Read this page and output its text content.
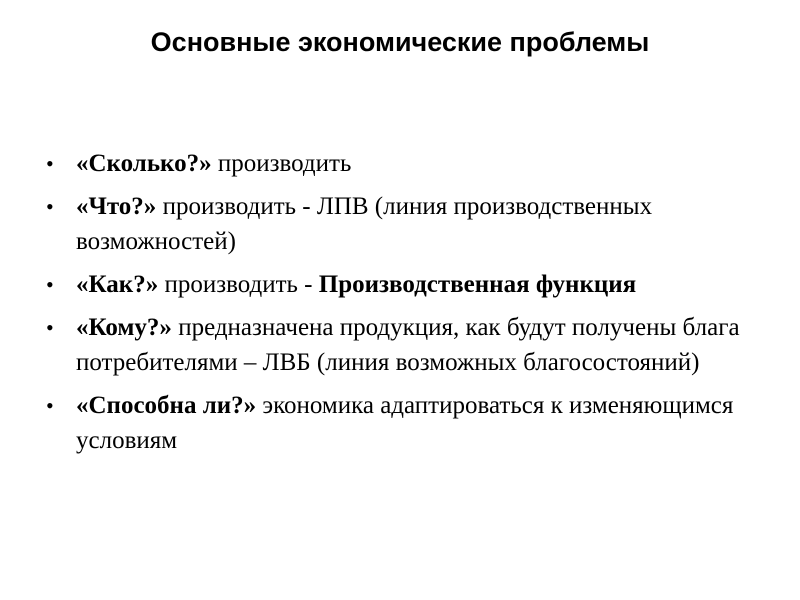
Основные экономические проблемы
• «Сколько?» производить
• «Что?» производить - ЛПВ (линия производственных возможностей)
• «Как?» производить - Производственная функция
• «Кому?» предназначена продукция, как будут получены блага потребителями – ЛВБ (линия возможных благосостояний)
• «Способна ли?» экономика адаптироваться к изменяющимся условиям
